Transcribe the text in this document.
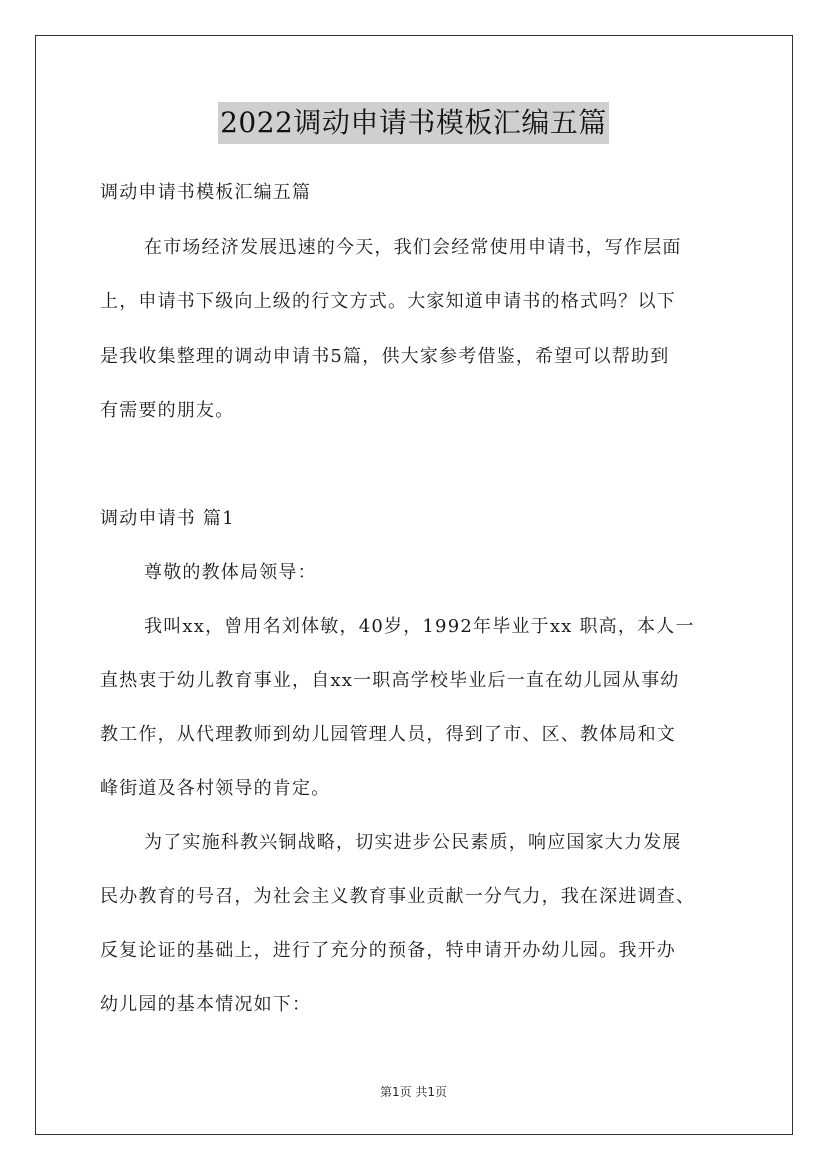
2022调动申请书模板汇编五篇
调动申请书模板汇编五篇
在市场经济发展迅速的今天，我们会经常使用申请书，写作层面
上，申请书下级向上级的行文方式。大家知道申请书的格式吗？以下
是我收集整理的调动申请书5篇，供大家参考借鉴，希望可以帮助到
有需要的朋友。
调动申请书 篇1
尊敬的教体局领导：
我叫xx，曾用名刘体敏，40岁，1992年毕业于xx 职高，本人一
直热衷于幼儿教育事业，自xx一职高学校毕业后一直在幼儿园从事幼
教工作，从代理教师到幼儿园管理人员，得到了市、区、教体局和文
峰街道及各村领导的肯定。
为了实施科教兴铜战略，切实进步公民素质，响应国家大力发展
民办教育的号召，为社会主义教育事业贡献一分气力，我在深进调查、
反复论证的基础上，进行了充分的预备，特申请开办幼儿园。我开办
幼儿园的基本情况如下：
第1页 共1页
